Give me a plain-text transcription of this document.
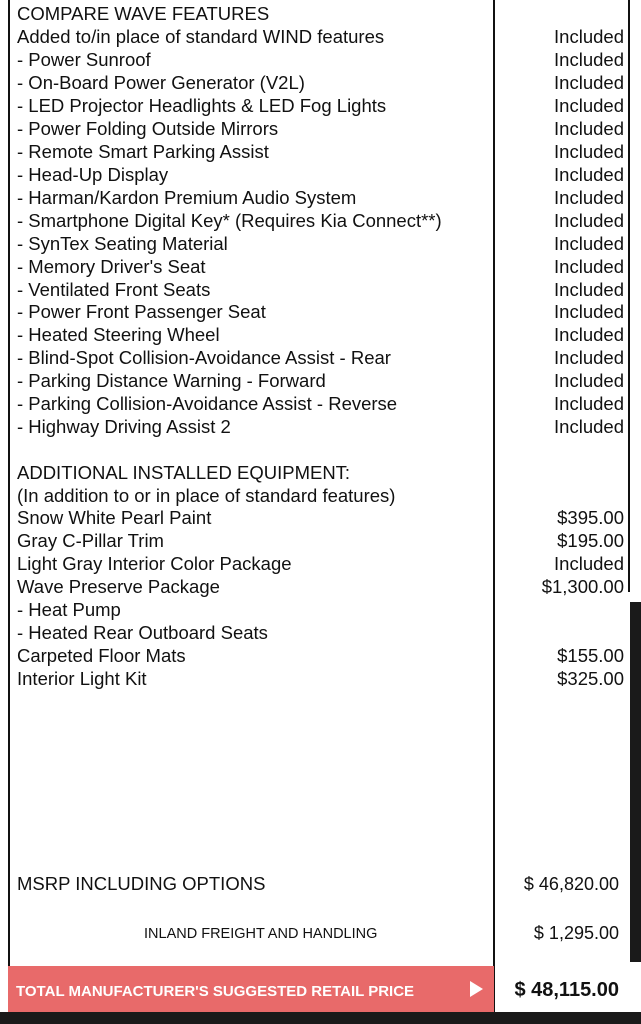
COMPARE WAVE FEATURES
Added to/in place of standard WIND features	Included
- Power Sunroof	Included
- On-Board Power Generator (V2L)	Included
- LED Projector Headlights & LED Fog Lights	Included
- Power Folding Outside Mirrors	Included
- Remote Smart Parking Assist	Included
- Head-Up Display	Included
- Harman/Kardon Premium Audio System	Included
- Smartphone Digital Key* (Requires Kia Connect**)	Included
- SynTex Seating Material	Included
- Memory Driver's Seat	Included
- Ventilated Front Seats	Included
- Power Front Passenger Seat	Included
- Heated Steering Wheel	Included
- Blind-Spot Collision-Avoidance Assist - Rear	Included
- Parking Distance Warning - Forward	Included
- Parking Collision-Avoidance Assist - Reverse	Included
- Highway Driving Assist 2	Included
ADDITIONAL INSTALLED EQUIPMENT:
(In addition to or in place of standard features)
Snow White Pearl Paint	$395.00
Gray C-Pillar Trim	$195.00
Light Gray Interior Color Package	Included
Wave Preserve Package	$1,300.00
- Heat Pump
- Heated Rear Outboard Seats
Carpeted Floor Mats	$155.00
Interior Light Kit	$325.00
MSRP INCLUDING OPTIONS	$ 46,820.00
INLAND FREIGHT AND HANDLING	$ 1,295.00
TOTAL MANUFACTURER'S SUGGESTED RETAIL PRICE	$ 48,115.00
